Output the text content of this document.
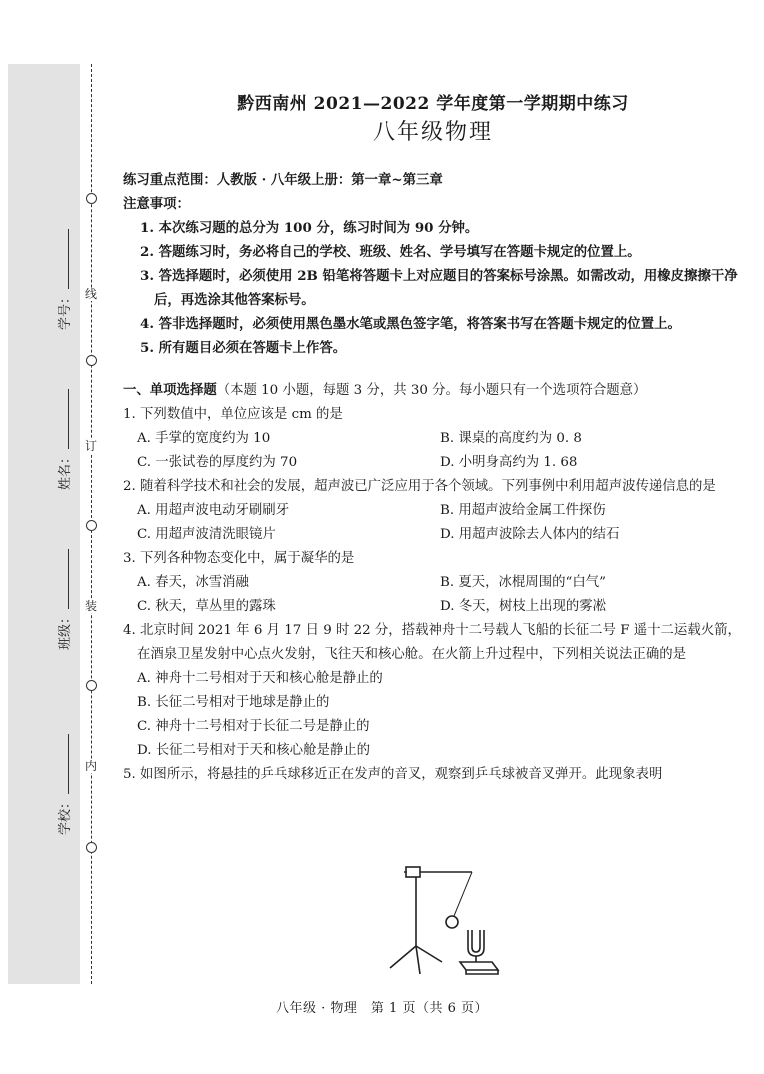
线
订
装
内
学号：
姓名：
班级：
学校：
黔西南州 2021—2022 学年度第一学期期中练习
八年级物理
练习重点范围：人教版 · 八年级上册：第一章~第三章
注意事项：
1. 本次练习题的总分为 100 分，练习时间为 90 分钟。
2. 答题练习时，务必将自己的学校、班级、姓名、学号填写在答题卡规定的位置上。
3. 答选择题时，必须使用 2B 铅笔将答题卡上对应题目的答案标号涂黑。如需改动，用橡皮擦擦干净后，再选涂其他答案标号。
4. 答非选择题时，必须使用黑色墨水笔或黑色签字笔，将答案书写在答题卡规定的位置上。
5. 所有题目必须在答题卡上作答。
一、单项选择题（本题 10 小题，每题 3 分，共 30 分。每小题只有一个选项符合题意）
1. 下列数值中，单位应该是 cm 的是
A. 手掌的宽度约为 10	B. 课桌的高度约为 0. 8
C. 一张试卷的厚度约为 70	D. 小明身高约为 1. 68
2. 随着科学技术和社会的发展，超声波已广泛应用于各个领域。下列事例中利用超声波传递信息的是
A. 用超声波电动牙刷刷牙	B. 用超声波给金属工件探伤
C. 用超声波清洗眼镜片	D. 用超声波除去人体内的结石
3. 下列各种物态变化中，属于凝华的是
A. 春天，冰雪消融	B. 夏天，冰棍周围的“白气”
C. 秋天，草丛里的露珠	D. 冬天，树枝上出现的雾凇
4. 北京时间 2021 年 6 月 17 日 9 时 22 分，搭载神舟十二号载人飞船的长征二号 F 遥十二运载火箭，在酒泉卫星发射中心点火发射，飞往天和核心舱。在火箭上升过程中，下列相关说法正确的是
A. 神舟十二号相对于天和核心舱是静止的
B. 长征二号相对于地球是静止的
C. 神舟十二号相对于长征二号是静止的
D. 长征二号相对于天和核心舱是静止的
5. 如图所示，将悬挂的乒乓球移近正在发声的音叉，观察到乒乓球被音叉弹开。此现象表明
八年级 · 物理　第 1 页（共 6 页）
